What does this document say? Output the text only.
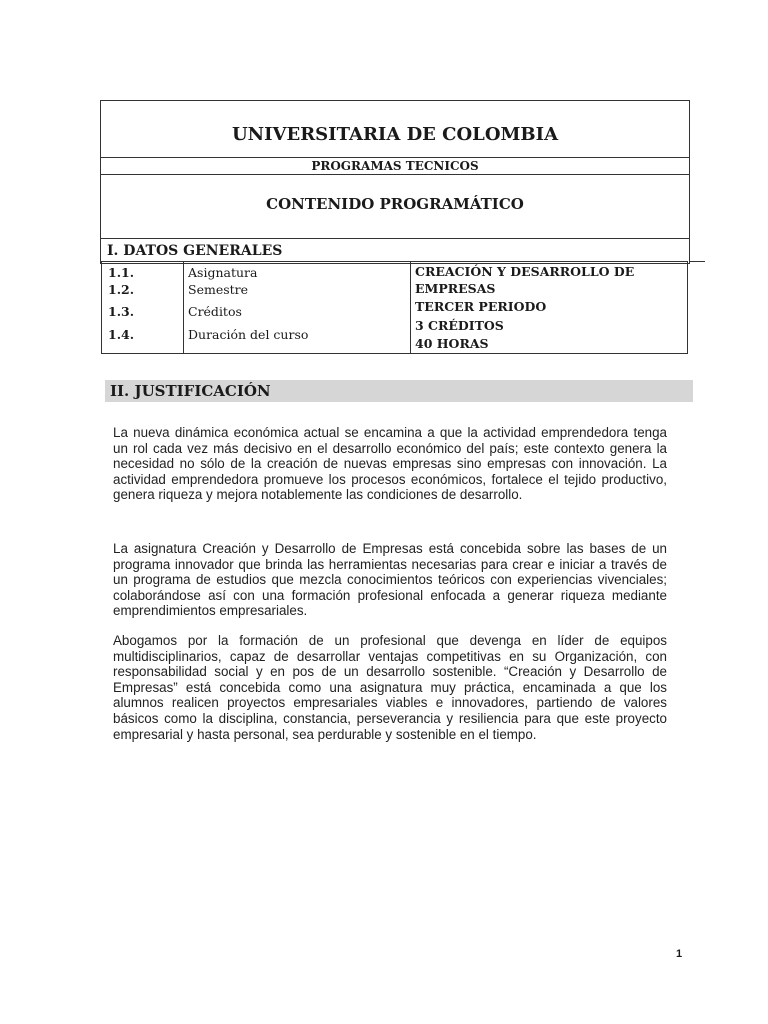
UNIVERSITARIA DE COLOMBIA
PROGRAMAS TECNICOS
CONTENIDO PROGRAMÁTICO
I. DATOS GENERALES
1.1.
1.2.
1.3.
1.4.
Asignatura
Semestre
Créditos
Duración del curso
CREACIÓN Y DESARROLLO DE
EMPRESAS
TERCER PERIODO
3 CRÉDITOS
40 HORAS
II. JUSTIFICACIÓN

La nueva dinámica económica actual se encamina a que la actividad emprendedora tenga un rol cada vez más decisivo en el desarrollo económico del país; este contexto genera la necesidad no sólo de la creación de nuevas empresas sino empresas con innovación. La actividad emprendedora promueve los procesos económicos, fortalece el tejido productivo, genera riqueza y mejora notablemente las condiciones de desarrollo.

La asignatura Creación y Desarrollo de Empresas está concebida sobre las bases de un programa innovador que brinda las herramientas necesarias para crear e iniciar a través de un programa de estudios que mezcla conocimientos teóricos con experiencias vivenciales; colaborándose así con una formación profesional enfocada a generar riqueza mediante emprendimientos empresariales.

Abogamos por la formación de un profesional que devenga en líder de equipos multidisciplinarios, capaz de desarrollar ventajas competitivas en su Organización, con responsabilidad social y en pos de un desarrollo sostenible. “Creación y Desarrollo de Empresas” está concebida como una asignatura muy práctica, encaminada a que los alumnos realicen proyectos empresariales viables e innovadores, partiendo de valores básicos como la disciplina, constancia, perseverancia y resiliencia para que este proyecto empresarial y hasta personal, sea perdurable y sostenible en el tiempo.

1
